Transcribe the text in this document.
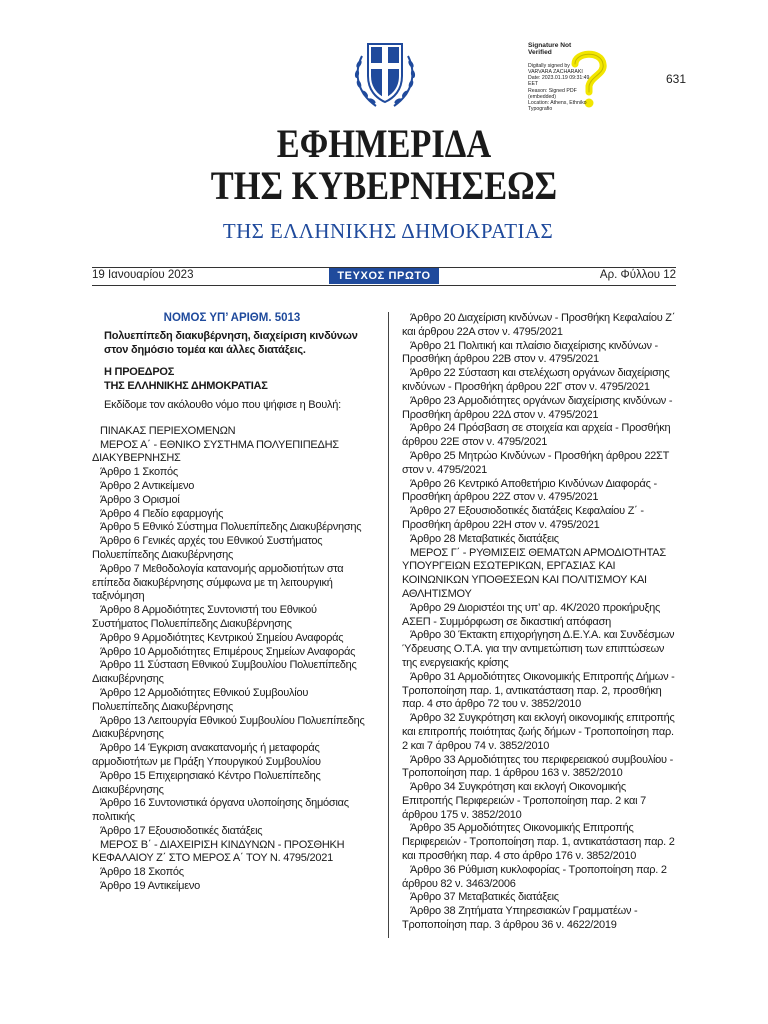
Signature Not
Verified
Digitally signed by
VARVARA ZACHARAKI
Date: 2023.01.19 09:31:49
EET
Reason: Signed PDF
(embedded)
Location: Athens, Ethniko
Typografio
631
ΕΦΗΜΕΡΙΔΑ
ΤΗΣ ΚΥΒΕΡΝΗΣΕΩΣ
ΤΗΣ ΕΛΛΗΝΙΚΗΣ ΔΗΜΟΚΡΑΤΙΑΣ
19 Ιανουαρίου 2023	ΤΕΥΧΟΣ ΠΡΩΤΟ	Αρ. Φύλλου 12
ΝΟΜΟΣ ΥΠ’ ΑΡΙΘΜ. 5013
Πολυεπίπεδη διακυβέρνηση, διαχείριση κινδύνων στον δημόσιο τομέα και άλλες διατάξεις.
Η ΠΡΟΕΔΡΟΣ
ΤΗΣ ΕΛΛΗΝΙΚΗΣ ΔΗΜΟΚΡΑΤΙΑΣ
Εκδίδομε τον ακόλουθο νόμο που ψήφισε η Βουλή:

ΠΙΝΑΚΑΣ ΠΕΡΙΕΧΟΜΕΝΩΝ

ΜΕΡΟΣ Α΄ - ΕΘΝΙΚΟ ΣΥΣΤΗΜΑ ΠΟΛΥΕΠΙΠΕΔΗΣ ΔΙΑΚΥΒΕΡΝΗΣΗΣ

Άρθρο 1 Σκοπός

Άρθρο 2 Αντικείμενο

Άρθρο 3 Ορισμοί

Άρθρο 4 Πεδίο εφαρμογής

Άρθρο 5 Εθνικό Σύστημα Πολυεπίπεδης Διακυβέρνησης

Άρθρο 6 Γενικές αρχές του Εθνικού Συστήματος Πολυεπίπεδης Διακυβέρνησης

Άρθρο 7 Μεθοδολογία κατανομής αρμοδιοτήτων στα επίπεδα διακυβέρνησης σύμφωνα με τη λειτουργική ταξινόμηση

Άρθρο 8 Αρμοδιότητες Συντονιστή του Εθνικού Συστήματος Πολυεπίπεδης Διακυβέρνησης

Άρθρο 9 Αρμοδιότητες Κεντρικού Σημείου Αναφοράς

Άρθρο 10 Αρμοδιότητες Επιμέρους Σημείων Αναφοράς

Άρθρο 11 Σύσταση Εθνικού Συμβουλίου Πολυεπίπεδης Διακυβέρνησης

Άρθρο 12 Αρμοδιότητες Εθνικού Συμβουλίου Πολυεπίπεδης Διακυβέρνησης

Άρθρο 13 Λειτουργία Εθνικού Συμβουλίου Πολυεπίπεδης Διακυβέρνησης

Άρθρο 14 Έγκριση ανακατανομής ή μεταφοράς αρμοδιοτήτων με Πράξη Υπουργικού Συμβουλίου

Άρθρο 15 Επιχειρησιακό Κέντρο Πολυεπίπεδης Διακυβέρνησης

Άρθρο 16 Συντονιστικά όργανα υλοποίησης δημόσιας πολιτικής

Άρθρο 17 Εξουσιοδοτικές διατάξεις

ΜΕΡΟΣ Β΄ - ΔΙΑΧΕΙΡΙΣΗ ΚΙΝΔΥΝΩΝ - ΠΡΟΣΘΗΚΗ ΚΕΦΑΛΑΙΟΥ Ζ΄ ΣΤΟ ΜΕΡΟΣ Α΄ ΤΟΥ Ν. 4795/2021

Άρθρο 18 Σκοπός

Άρθρο 19 Αντικείμενο

Άρθρο 20 Διαχείριση κινδύνων - Προσθήκη Κεφαλαίου Ζ΄ και άρθρου 22Α στον ν. 4795/2021

Άρθρο 21 Πολιτική και πλαίσιο διαχείρισης κινδύνων - Προσθήκη άρθρου 22Β στον ν. 4795/2021

Άρθρο 22 Σύσταση και στελέχωση οργάνων διαχείρισης κινδύνων - Προσθήκη άρθρου 22Γ στον ν. 4795/2021

Άρθρο 23 Αρμοδιότητες οργάνων διαχείρισης κινδύνων - Προσθήκη άρθρου 22Δ στον ν. 4795/2021

Άρθρο 24 Πρόσβαση σε στοιχεία και αρχεία - Προσθήκη άρθρου 22Ε στον ν. 4795/2021

Άρθρο 25 Μητρώο Κινδύνων - Προσθήκη άρθρου 22ΣΤ στον ν. 4795/2021

Άρθρο 26 Κεντρικό Αποθετήριο Κινδύνων Διαφοράς - Προσθήκη άρθρου 22Ζ στον ν. 4795/2021

Άρθρο 27 Εξουσιοδοτικές διατάξεις Κεφαλαίου Ζ΄ - Προσθήκη άρθρου 22Η στον ν. 4795/2021

Άρθρο 28 Μεταβατικές διατάξεις

ΜΕΡΟΣ Γ΄ - ΡΥΘΜΙΣΕΙΣ ΘΕΜΑΤΩΝ ΑΡΜΟΔΙΟΤΗΤΑΣ ΥΠΟΥΡΓΕΙΩΝ ΕΣΩΤΕΡΙΚΩΝ, ΕΡΓΑΣΙΑΣ ΚΑΙ ΚΟΙΝΩΝΙΚΩΝ ΥΠΟΘΕΣΕΩΝ ΚΑΙ ΠΟΛΙΤΙΣΜΟΥ ΚΑΙ ΑΘΛΗΤΙΣΜΟΥ

Άρθρο 29 Διοριστέοι της υπ’ αρ. 4Κ/2020 προκήρυξης ΑΣΕΠ - Συμμόρφωση σε δικαστική απόφαση

Άρθρο 30 Έκτακτη επιχορήγηση Δ.Ε.Υ.Α. και Συνδέσμων Ύδρευσης Ο.Τ.Α. για την αντιμετώπιση των επιπτώσεων της ενεργειακής κρίσης

Άρθρο 31 Αρμοδιότητες Οικονομικής Επιτροπής Δήμων - Τροποποίηση παρ. 1, αντικατάσταση παρ. 2, προσθήκη παρ. 4 στο άρθρο 72 του ν. 3852/2010

Άρθρο 32 Συγκρότηση και εκλογή οικονομικής επιτροπής και επιτροπής ποιότητας ζωής δήμων - Τροποποίηση παρ. 2 και 7 άρθρου 74 ν. 3852/2010

Άρθρο 33 Αρμοδιότητες του περιφερειακού συμβουλίου - Τροποποίηση παρ. 1 άρθρου 163 ν. 3852/2010

Άρθρο 34 Συγκρότηση και εκλογή Οικονομικής Επιτροπής Περιφερειών - Τροποποίηση παρ. 2 και 7 άρθρου 175 ν. 3852/2010

Άρθρο 35 Αρμοδιότητες Οικονομικής Επιτροπής Περιφερειών - Τροποποίηση παρ. 1, αντικατάσταση παρ. 2 και προσθήκη παρ. 4 στο άρθρο 176 ν. 3852/2010

Άρθρο 36 Ρύθμιση κυκλοφορίας - Τροποποίηση παρ. 2 άρθρου 82 ν. 3463/2006

Άρθρο 37 Μεταβατικές διατάξεις

Άρθρο 38 Ζητήματα Υπηρεσιακών Γραμματέων - Τροποποίηση παρ. 3 άρθρου 36 ν. 4622/2019
